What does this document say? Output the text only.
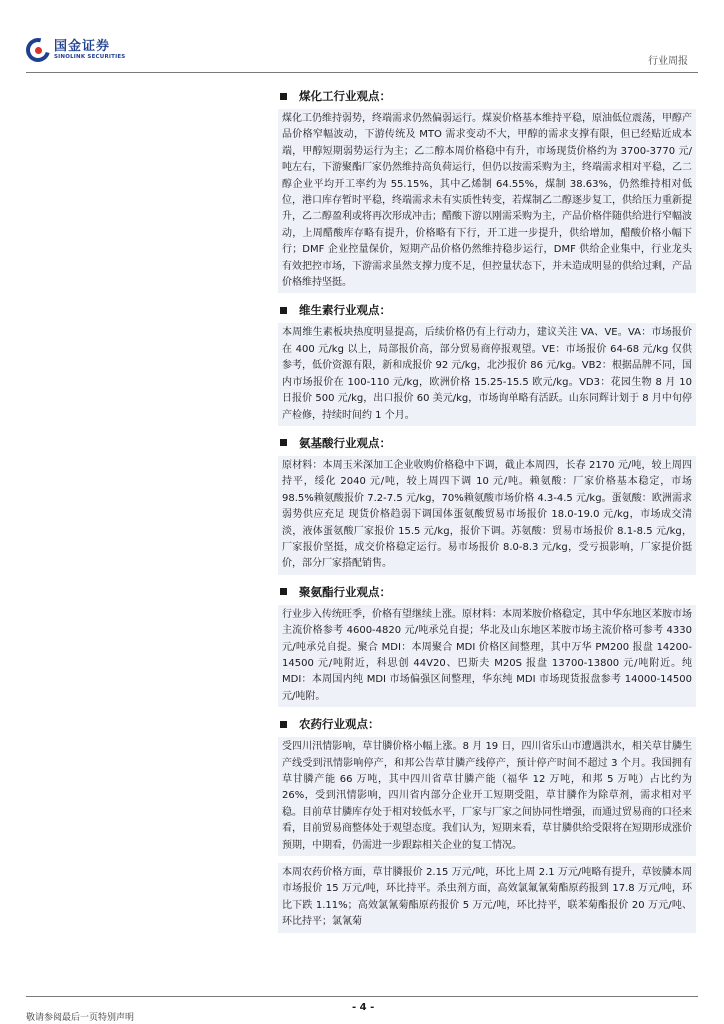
国金证券
SINOLINK SECURITIES	行业周报
煤化工行业观点：
煤化工仍维持弱势，终端需求仍然偏弱运行。煤炭价格基本维持平稳，原油低位震荡，甲醇产品价格窄幅波动，下游传统及 MTO 需求变动不大，甲醇的需求支撑有限，但已经贴近成本端，甲醇短期弱势运行为主；乙二醇本周价格稳中有升，市场现货价格约为 3700-3770 元/吨左右，下游聚酯厂家仍然维持高负荷运行，但仍以按需采购为主，终端需求相对平稳，乙二醇企业平均开工率约为 55.15%，其中乙烯制 64.55%，煤制 38.63%，仍然维持相对低位，港口库存暂时平稳，终端需求未有实质性转变，若煤制乙二醇逐步复工，供给压力重新提升，乙二醇盈利或将再次形成冲击；醋酸下游以刚需采购为主，产品价格伴随供给进行窄幅波动，上周醋酸库存略有提升，价格略有下行，开工进一步提升，供给增加，醋酸价格小幅下行；DMF 企业控量保价，短期产品价格仍然维持稳步运行，DMF 供给企业集中，行业龙头有效把控市场，下游需求虽然支撑力度不足，但控量状态下，并未造成明显的供给过剩，产品价格维持坚挺。
维生素行业观点：
本周维生素板块热度明显提高，后续价格仍有上行动力，建议关注 VA、VE。VA：市场报价在 400 元/kg 以上，局部报价高，部分贸易商停报观望。VE：市场报价 64-68 元/kg 仅供参考，低价资源有限，新和成报价 92 元/kg，北沙报价 86 元/kg。VB2：根据品牌不同，国内市场报价在 100-110 元/kg，欧洲价格 15.25-15.5 欧元/kg。VD3：花园生物 8 月 10 日报价 500 元/kg，出口报价 60 美元/kg，市场询单略有活跃。山东同辉计划于 8 月中旬停产检修，持续时间约 1 个月。
氨基酸行业观点：
原材料：本周玉米深加工企业收购价格稳中下调，截止本周四，长春 2170 元/吨，较上周四持平，绥化 2040 元/吨，较上周四下调 10 元/吨。赖氨酸：厂家价格基本稳定，市场 98.5%赖氨酸报价 7.2-7.5 元/kg，70%赖氨酸市场价格 4.3-4.5 元/kg。蛋氨酸：欧洲需求弱势供应充足 现货价格趋弱下调国体蛋氨酸贸易市场报价 18.0-19.0 元/kg，市场成交清淡，液体蛋氨酸厂家报价 15.5 元/kg，报价下调。苏氨酸：贸易市场报价 8.1-8.5 元/kg，厂家报价坚挺，成交价格稳定运行。易市场报价 8.0-8.3 元/kg，受亏损影响，厂家提价挺价，部分厂家搭配销售。
聚氨酯行业观点：
行业步入传统旺季，价格有望继续上涨。原材料：本周苯胺价格稳定，其中华东地区苯胺市场主流价格参考 4600-4820 元/吨承兑自提；华北及山东地区苯胺市场主流价格可参考 4330 元/吨承兑自提。聚合 MDI：本周聚合 MDI 价格区间整理，其中万华 PM200 报盘 14200-14500 元/吨附近，科思创 44V20、巴斯夫 M20S 报盘 13700-13800 元/吨附近。纯 MDI：本周国内纯 MDI 市场偏强区间整理，华东纯 MDI 市场现货报盘参考 14000-14500 元/吨附。
农药行业观点：
受四川汛情影响，草甘膦价格小幅上涨。8 月 19 日，四川省乐山市遭遇洪水，相关草甘膦生产线受到汛情影响停产，和邦公告草甘膦产线停产，预计停产时间不超过 3 个月。我国拥有草甘膦产能 66 万吨，其中四川省草甘膦产能（福华 12 万吨，和邦 5 万吨）占比约为 26%，受到汛情影响，四川省内部分企业开工短期受阻，草甘膦作为除草剂，需求相对平稳。目前草甘膦库存处于相对较低水平，厂家与厂家之间协同性增强，而通过贸易商的口径来看，目前贸易商整体处于观望态度。我们认为，短期来看，草甘膦供给受限将在短期形成涨价预期，中期看，仍需进一步跟踪相关企业的复工情况。
本周农药价格方面，草甘膦报价 2.15 万元/吨，环比上周 2.1 万元/吨略有提升，草铵膦本周市场报价 15 万元/吨，环比持平。杀虫剂方面，高效氯氟氰菊酯原药报到 17.8 万元/吨，环比下跌 1.11%；高效氯氰菊酯原药报价 5 万元/吨，环比持平，联苯菊酯报价 20 万元/吨、环比持平；氯氰菊
- 4 -
敬请参阅最后一页特别声明
